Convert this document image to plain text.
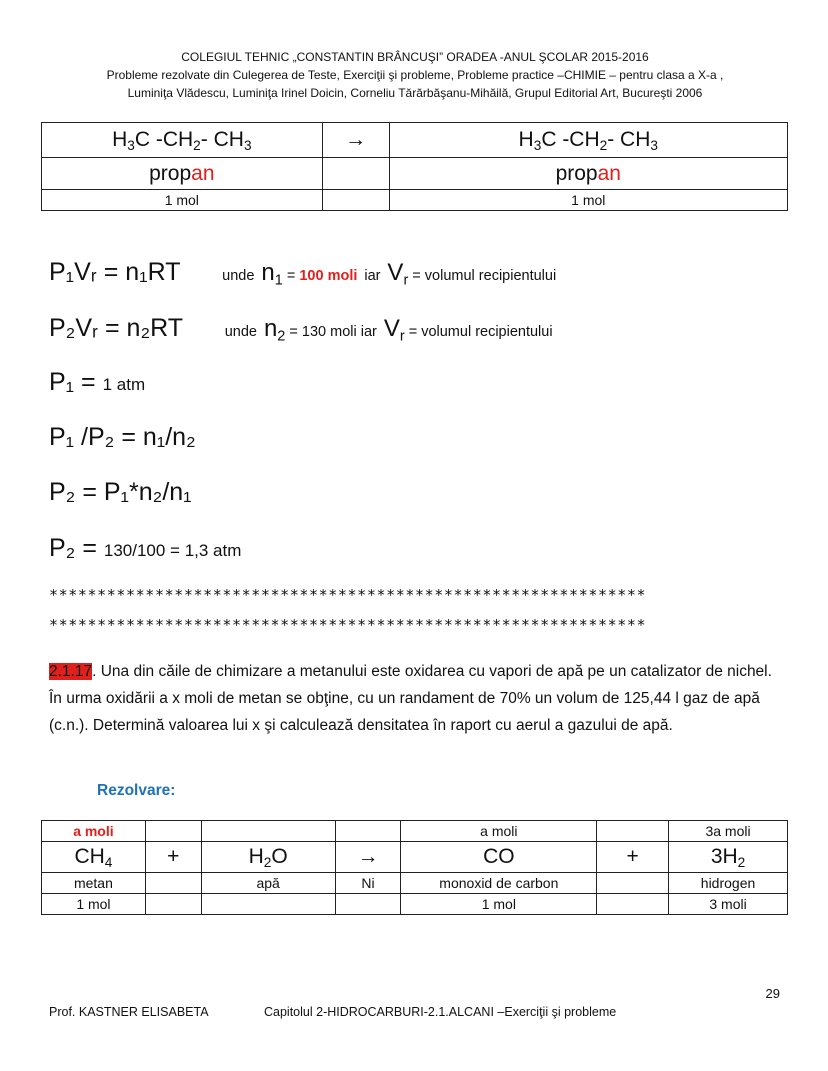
COLEGIUL TEHNIC „CONSTANTIN BRÂNCUŞI” ORADEA -ANUL ŞCOLAR 2015-2016
Probleme rezolvate din Culegerea de Teste, Exerciţii şi probleme, Probleme practice –CHIMIE – pentru clasa a X-a ,
Luminiţa Vlădescu, Luminiţa Irinel Doicin, Corneliu Tărărbăşanu-Mihăilă, Grupul Editorial Art, Bucureşti 2006
$H_3C$ $-CH_2-$ $CH_3$	→	$H_3C$ $-CH_2-$ $CH_3$
propan		propan
1 mol		1 mol
P₁Vᵣ = n₁RT	unde $n_1 = 100$ moli iar $V_r$ = volumul recipientului
P₂Vᵣ = n₂RT	unde $n_2 = 130$ moli iar $V_r$ = volumul recipientului
P₁ = 1 atm
P₁ /P₂ = n₁/n₂
P₂ = P₁*n₂/n₁
P₂ = 130/100 = 1,3 atm
**************************************************************
**************************************************************
2.1.17. Una din căile de chimizare a metanului este oxidarea cu vapori de apă pe un catalizator de nichel. În urma oxidării a x moli de metan se obţine, cu un randament de 70% un volum de 125,44 l gaz de apă (c.n.). Determină valoarea lui x şi calculează densitatea în raport cu aerul a gazului de apă.
Rezolvare:
a moli				a moli		3a moli
$CH_4$	+	$H_2O$	→	CO	+	$3H_2$
metan		apă	Ni	monoxid de carbon		hidrogen
1 mol				1 mol		3 moli
29
Prof. KASTNER ELISABETA	Capitolul 2-HIDROCARBURI-2.1.ALCANI –Exerciţii şi probleme
